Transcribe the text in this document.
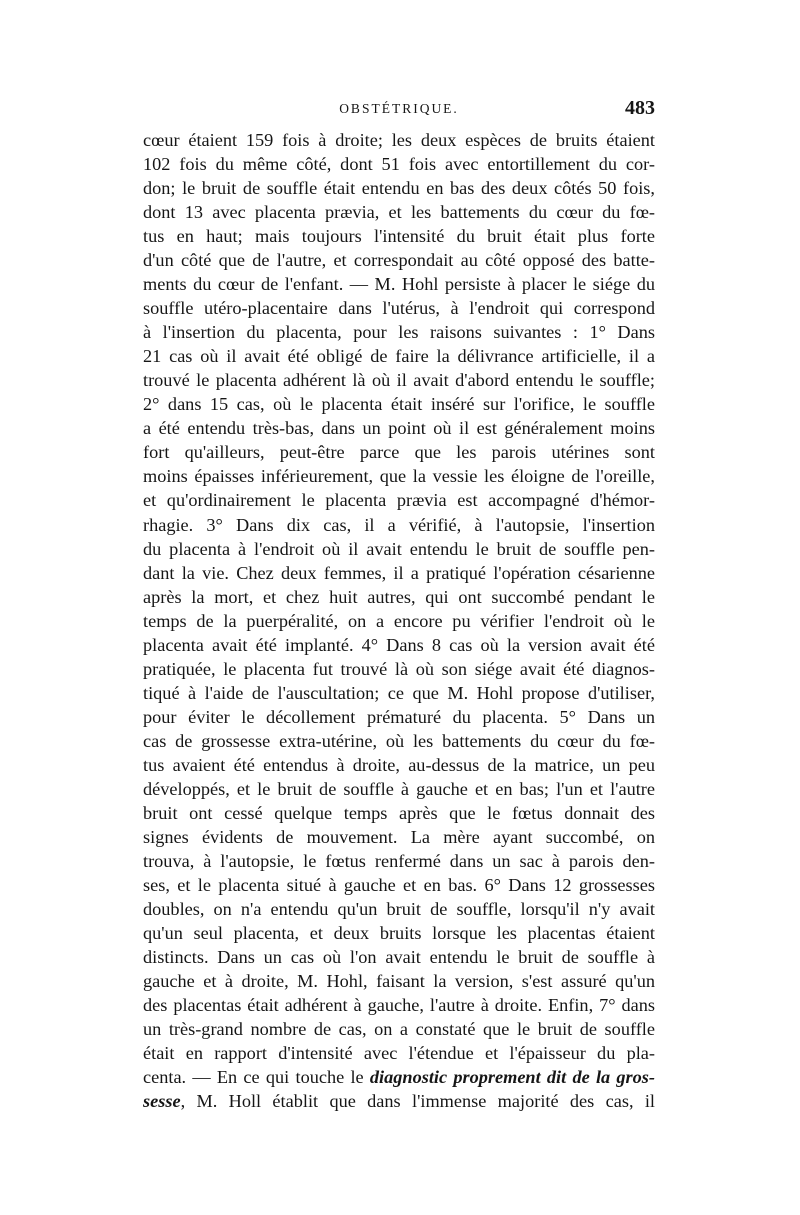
OBSTÉTRIQUE.	483
cœur étaient 159 fois à droite; les deux espèces de bruits étaient
102 fois du même côté, dont 51 fois avec entortillement du cor-
don; le bruit de souffle était entendu en bas des deux côtés 50 fois,
dont 13 avec placenta prævia, et les battements du cœur du fœ-
tus en haut; mais toujours l'intensité du bruit était plus forte
d'un côté que de l'autre, et correspondait au côté opposé des batte-
ments du cœur de l'enfant. — M. Hohl persiste à placer le siége du
souffle utéro-placentaire dans l'utérus, à l'endroit qui correspond
à l'insertion du placenta, pour les raisons suivantes : 1° Dans
21 cas où il avait été obligé de faire la délivrance artificielle, il a
trouvé le placenta adhérent là où il avait d'abord entendu le souffle;
2° dans 15 cas, où le placenta était inséré sur l'orifice, le souffle
a été entendu très-bas, dans un point où il est généralement moins
fort qu'ailleurs, peut-être parce que les parois utérines sont
moins épaisses inférieurement, que la vessie les éloigne de l'oreille,
et qu'ordinairement le placenta prævia est accompagné d'hémor-
rhagie. 3° Dans dix cas, il a vérifié, à l'autopsie, l'insertion
du placenta à l'endroit où il avait entendu le bruit de souffle pen-
dant la vie. Chez deux femmes, il a pratiqué l'opération césarienne
après la mort, et chez huit autres, qui ont succombé pendant le
temps de la puerpéralité, on a encore pu vérifier l'endroit où le
placenta avait été implanté. 4° Dans 8 cas où la version avait été
pratiquée, le placenta fut trouvé là où son siége avait été diagnos-
tiqué à l'aide de l'auscultation; ce que M. Hohl propose d'utiliser,
pour éviter le décollement prématuré du placenta. 5° Dans un
cas de grossesse extra-utérine, où les battements du cœur du fœ-
tus avaient été entendus à droite, au-dessus de la matrice, un peu
développés, et le bruit de souffle à gauche et en bas; l'un et l'autre
bruit ont cessé quelque temps après que le fœtus donnait des
signes évidents de mouvement. La mère ayant succombé, on
trouva, à l'autopsie, le fœtus renfermé dans un sac à parois den-
ses, et le placenta situé à gauche et en bas. 6° Dans 12 grossesses
doubles, on n'a entendu qu'un bruit de souffle, lorsqu'il n'y avait
qu'un seul placenta, et deux bruits lorsque les placentas étaient
distincts. Dans un cas où l'on avait entendu le bruit de souffle à
gauche et à droite, M. Hohl, faisant la version, s'est assuré qu'un
des placentas était adhérent à gauche, l'autre à droite. Enfin, 7° dans
un très-grand nombre de cas, on a constaté que le bruit de souffle
était en rapport d'intensité avec l'étendue et l'épaisseur du pla-
centa. — En ce qui touche le diagnostic proprement dit de la gros-
sesse, M. Holl établit que dans l'immense majorité des cas, il
